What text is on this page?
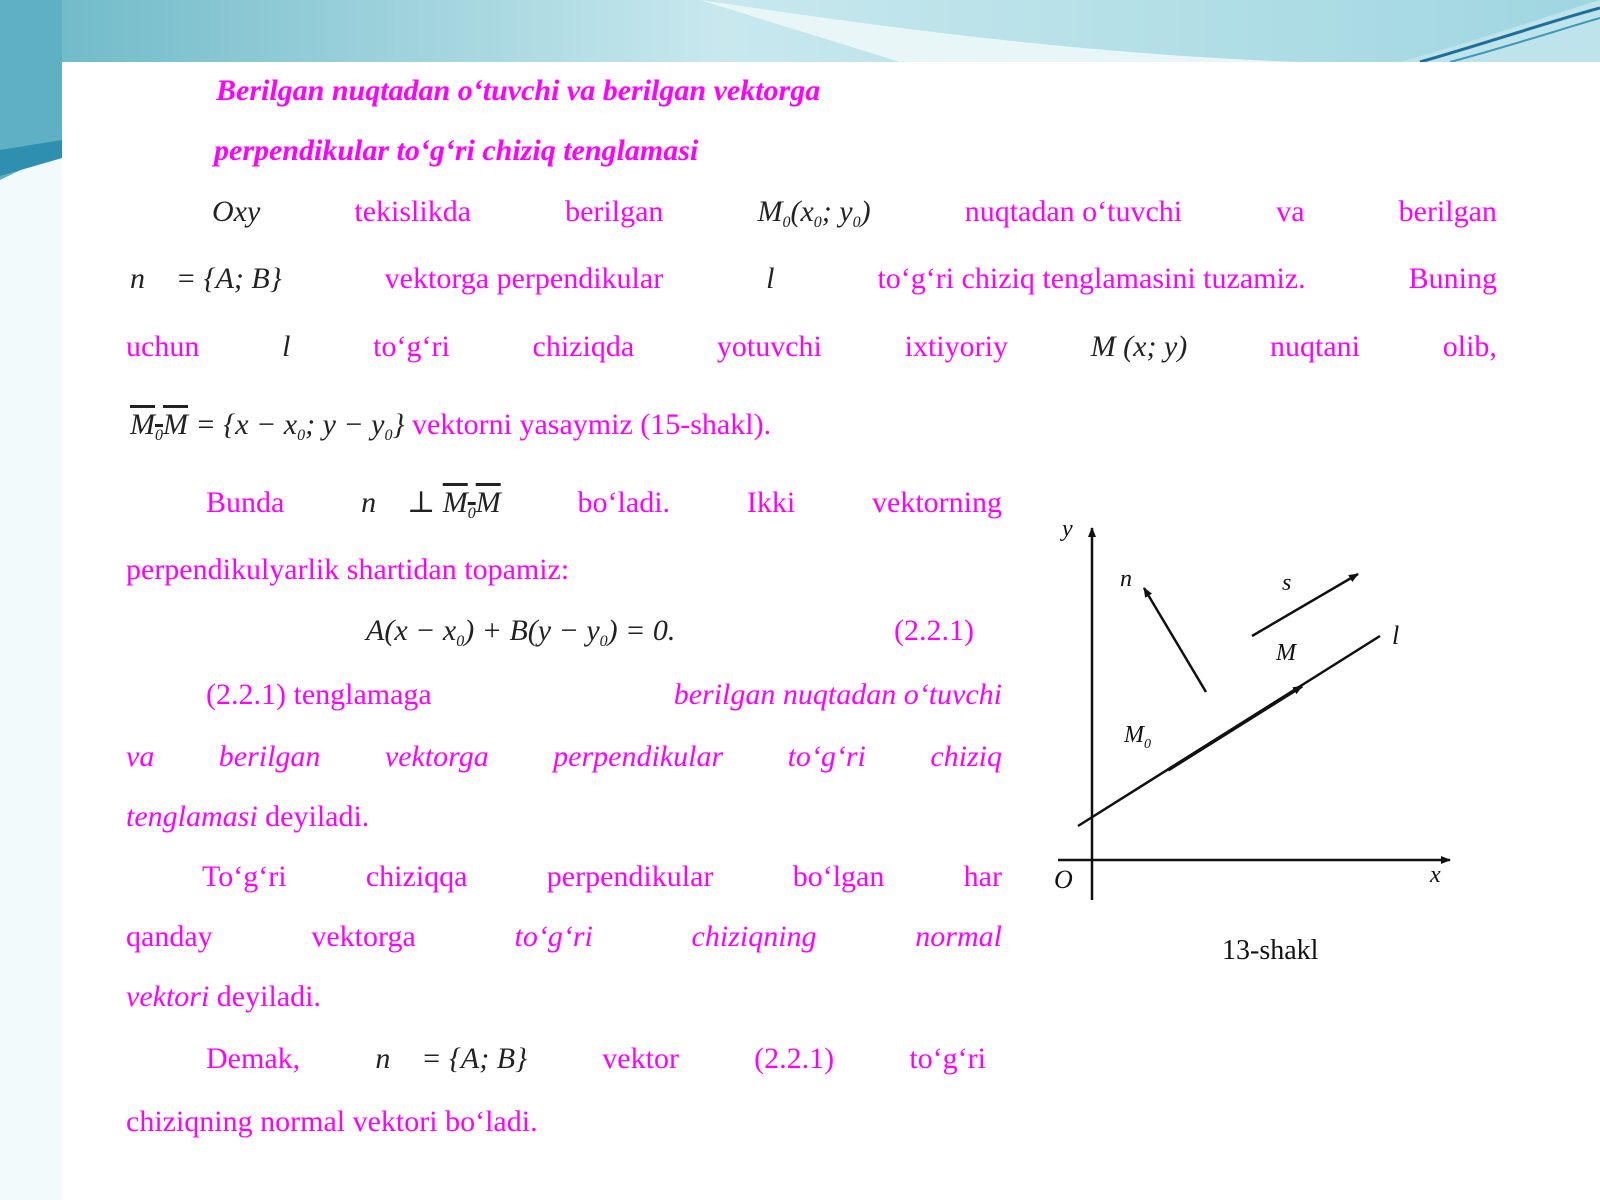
Berilgan nuqtadan o‘tuvchi va berilgan vektorga
perpendikular to‘g‘ri chiziq tenglamasi
Oxy	tekislikda	berilgan	$M_0(x_0$; $y_0$)	nuqtadan o‘tuvchi	va	berilgan
n⃗ = {A; B}	vektorga perpendikular	l	to‘g‘ri chiziq tenglamasini tuzamiz.	Buning
uchun	l	to‘g‘ri	chiziqda	yotuvchi	ixtiyoriy	M (x; y)	nuqtani	olib,
$M_0M = \{x - x_0$; $y - y_0$} vektorni yasaymiz (15-shakl).
Bunda	n⃗ ⊥ $M_0M$	bo‘ladi.	Ikki	vektorning
perpendikulyarlik shartidan topamiz:
$A(x - x_0) + B(y - y_0) = 0$.	(2.2.1)
(2.2.1) tenglamaga	berilgan nuqtadan o‘tuvchi
va berilgan vektorga perpendikular to‘g‘ri chiziq
tenglamasi deyiladi.
To‘g‘ri	chiziqqa	perpendikular	bo‘lgan	har
qanday	vektorga	to‘g‘ri	chiziqning	normal
vektori deyiladi.
Demak,	n⃗ = {A; B}	vektor	(2.2.1)	to‘g‘ri
chiziqning normal vektori bo‘ladi.
y
x
O
n⃗	s⃗
M
$M_0$
l
13-shakl
